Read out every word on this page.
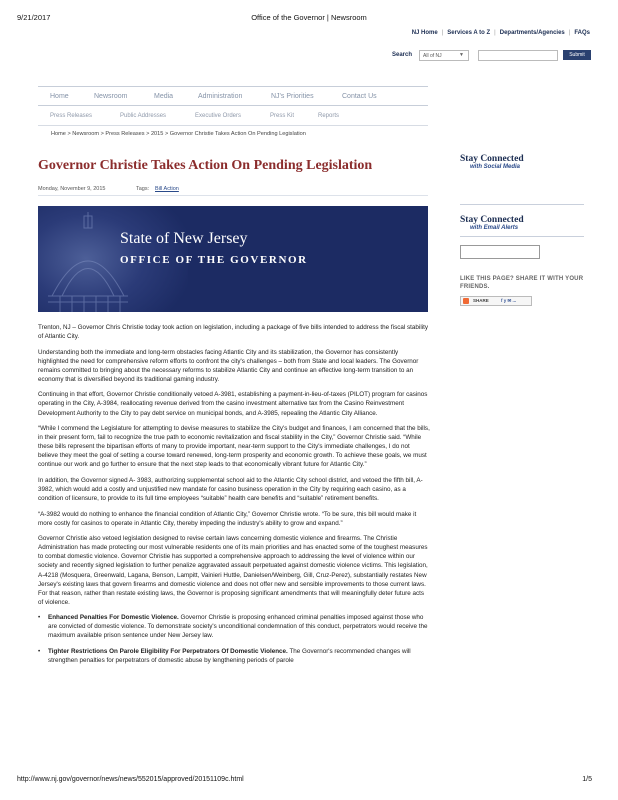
9/21/2017	Office of the Governor | Newsroom
NJ Home | Services A to Z | Departments/Agencies | FAQs
Search	All of NJ	▼	Submit
Home	Newsroom	Media	Administration	NJ's Priorities	Contact Us
Press Releases	Public Addresses	Executive Orders	Press Kit	Reports
Home > Newsroom > Press Releases > 2015 > Governor Christie Takes Action On Pending Legislation
Governor Christie Takes Action On Pending Legislation
Monday, November 9, 2015	Tags: Bill Action
State of New Jersey
OFFICE OF THE GOVERNOR

Trenton, NJ – Governor Chris Christie today took action on legislation, including a package of five bills intended to address the fiscal stability of Atlantic City.

Understanding both the immediate and long-term obstacles facing Atlantic City and its stabilization, the Governor has consistently highlighted the need for comprehensive reform efforts to confront the city's challenges – both from State and local leaders. The Governor remains committed to bringing about the necessary reforms to stabilize Atlantic City and continue an effective long-term transition to an economy that is diversified beyond its traditional gaming industry.

Continuing in that effort, Governor Christie conditionally vetoed A-3981, establishing a payment-in-lieu-of-taxes (PILOT) program for casinos operating in the City, A-3984, reallocating revenue derived from the casino investment alternative tax from the Casino Reinvestment Development Authority to the City to pay debt service on municipal bonds, and A-3985, repealing the Atlantic City Alliance.

“While I commend the Legislature for attempting to devise measures to stabilize the City's budget and finances, I am concerned that the bills, in their present form, fail to recognize the true path to economic revitalization and fiscal stability in the City,” Governor Christie said. “While these bills represent the bipartisan efforts of many to provide important, near-term support to the City's immediate challenges, I do not believe they meet the goal of setting a course toward renewed, long-term prosperity and economic growth. To achieve these goals, we must continue our work and go further to ensure that the next step leads to that economically vibrant future for Atlantic City.”

In addition, the Governor signed A- 3983, authorizing supplemental school aid to the Atlantic City school district, and vetoed the fifth bill, A-3982, which would add a costly and unjustified new mandate for casino business operation in the City by requiring each casino, as a condition of licensure, to provide to its full time employees “suitable” health care benefits and “suitable” retirement benefits.

“A-3982 would do nothing to enhance the financial condition of Atlantic City,” Governor Christie wrote. “To be sure, this bill would make it more costly for casinos to operate in Atlantic City, thereby impeding the industry's ability to grow and expand.”

Governor Christie also vetoed legislation designed to revise certain laws concerning domestic violence and firearms. The Christie Administration has made protecting our most vulnerable residents one of its main priorities and has enacted some of the toughest measures to combat domestic violence. Governor Christie has supported a comprehensive approach to addressing the level of violence within our society and recently signed legislation to further penalize aggravated assault perpetuated against domestic violence victims. This legislation, A-4218 (Mosquera, Greenwald, Lagana, Benson, Lampitt, Vainieri Huttle, Danielsen/Weinberg, Gill, Cruz-Perez), substantially restates New Jersey's existing laws that govern firearms and domestic violence and does not offer new and sensible improvements to those current laws. For that reason, rather than restate existing laws, the Governor is proposing significant amendments that will meaningfully deter future acts of violence.

•	Enhanced Penalties For Domestic Violence. Governor Christie is proposing enhanced criminal penalties imposed against those who are convicted of domestic violence. To demonstrate society's unconditional condemnation of this conduct, perpetrators would receive the maximum available prison sentence under New Jersey law.

•	Tighter Restrictions On Parole Eligibility For Perpetrators Of Domestic Violence. The Governor's recommended changes will strengthen penalties for perpetrators of domestic abuse by lengthening periods of parole

Stay Connected
with Social Media
Stay Connected
with Email Alerts
LIKE THIS PAGE? SHARE IT WITH YOUR FRIENDS.
SHARE	f y ✉ ...
http://www.nj.gov/governor/news/news/552015/approved/20151109c.html	1/5
